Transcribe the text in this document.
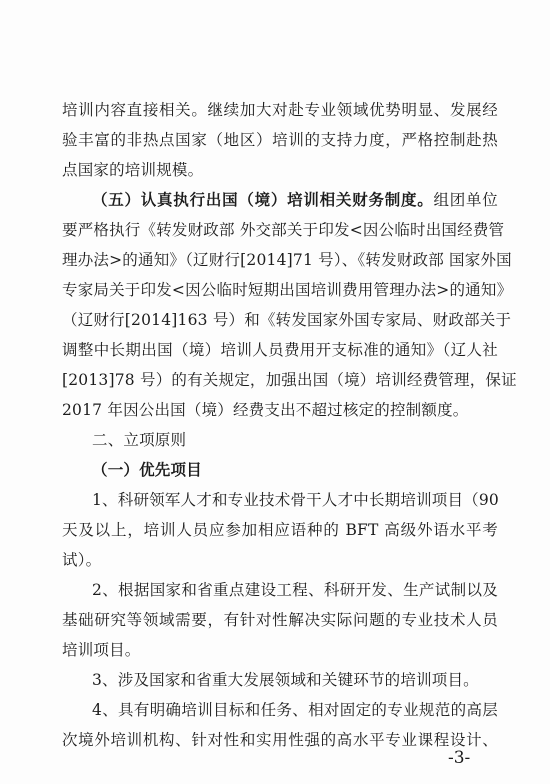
培训内容直接相关。继续加大对赴专业领域优势明显、发展经
验丰富的非热点国家（地区）培训的支持力度，严格控制赴热
点国家的培训规模。
（五）认真执行出国（境）培训相关财务制度。组团单位
要严格执行《转发财政部 外交部关于印发<因公临时出国经费管
理办法>的通知》（辽财行[2014]71 号）、《转发财政部 国家外国
专家局关于印发<因公临时短期出国培训费用管理办法>的通知》
（辽财行[2014]163 号）和《转发国家外国专家局、财政部关于
调整中长期出国（境）培训人员费用开支标准的通知》（辽人社
[2013]78 号）的有关规定，加强出国（境）培训经费管理，保证
2017 年因公出国（境）经费支出不超过核定的控制额度。
二、立项原则
（一）优先项目
1、科研领军人才和专业技术骨干人才中长期培训项目（90
天及以上，培训人员应参加相应语种的 BFT 高级外语水平考
试）。
2、根据国家和省重点建设工程、科研开发、生产试制以及
基础研究等领域需要，有针对性解决实际问题的专业技术人员
培训项目。
3、涉及国家和省重大发展领域和关键环节的培训项目。
4、具有明确培训目标和任务、相对固定的专业规范的高层
次境外培训机构、针对性和实用性强的高水平专业课程设计、
-3-
